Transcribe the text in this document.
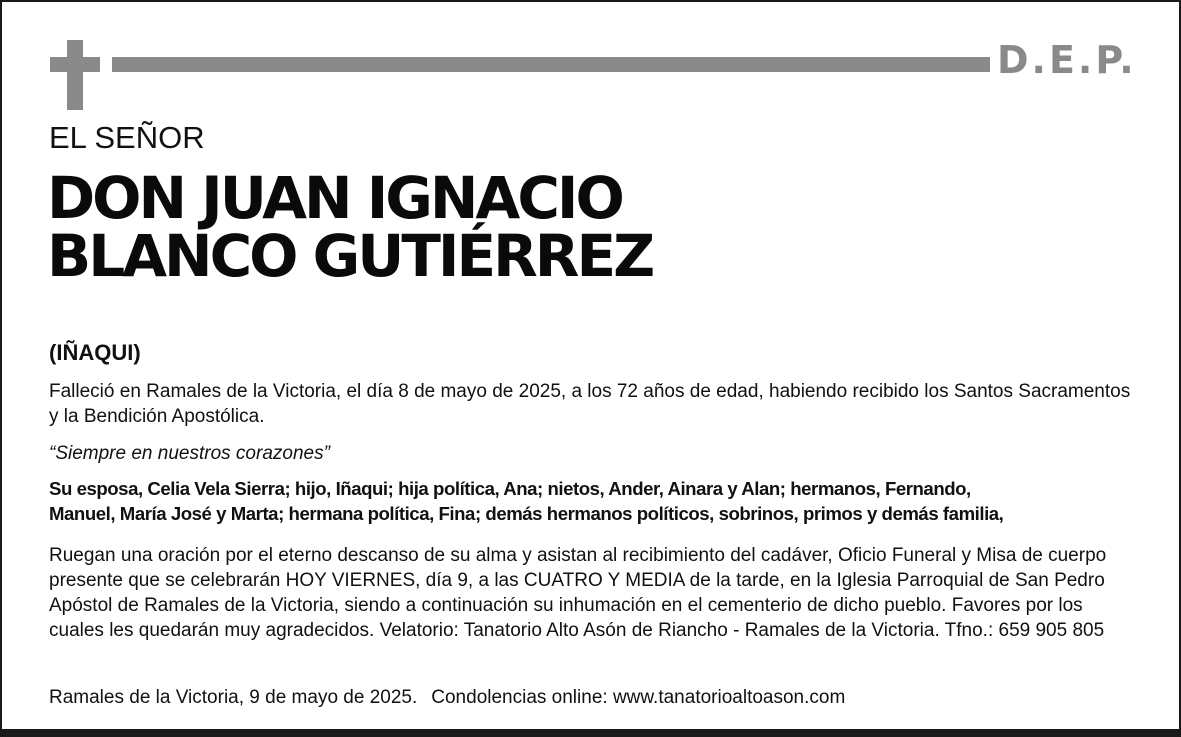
D.E.P.
EL SEÑOR
DON JUAN IGNACIO
BLANCO GUTIÉRREZ
(IÑAQUI)
Falleció en Ramales de la Victoria, el día 8 de mayo de 2025, a los 72 años de edad, habiendo recibido los Santos Sacramentos y la Bendición Apostólica.
“Siempre en nuestros corazones”
Su esposa, Celia Vela Sierra; hijo, Iñaqui; hija política, Ana; nietos, Ander, Ainara y Alan; hermanos, Fernando,
Manuel, María José y Marta; hermana política, Fina; demás hermanos políticos, sobrinos, primos y demás familia,
Ruegan una oración por el eterno descanso de su alma y asistan al recibimiento del cadáver, Oficio Funeral y Misa de cuerpo presente que se celebrarán HOY VIERNES, día 9, a las CUATRO Y MEDIA de la tarde, en la Iglesia Parroquial de San Pedro Apóstol de Ramales de la Victoria, siendo a continuación su inhumación en el cementerio de dicho pueblo. Favores por los cuales les quedarán muy agradecidos. Velatorio: Tanatorio Alto Asón de Riancho - Ramales de la Victoria. Tfno.: 659 905 805
Ramales de la Victoria, 9 de mayo de 2025. Condolencias online: www.tanatorioaltoason.com
